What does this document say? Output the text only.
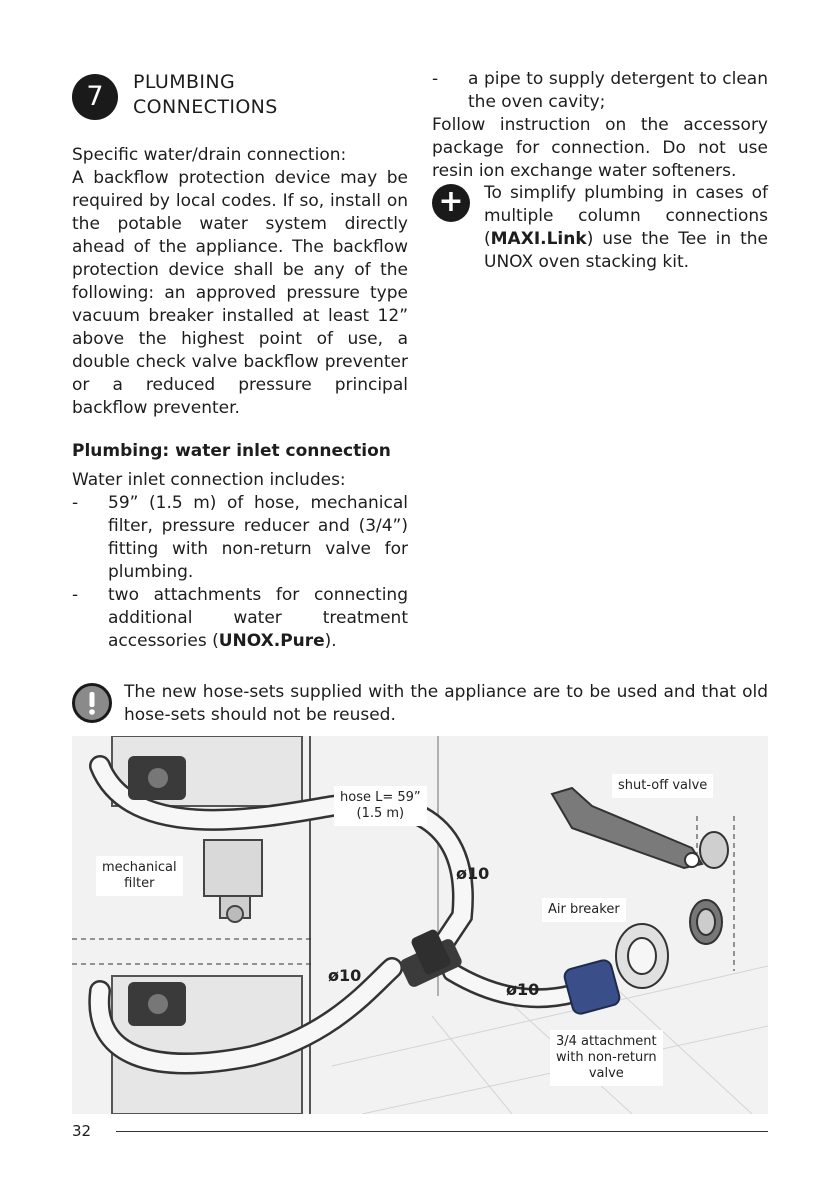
7	PLUMBING
CONNECTIONS
Specific water/drain connection:
A backflow protection device may be required by local codes. If so, install on the potable water system directly ahead of the appliance. The backflow protection device shall be any of the following: an approved pressure type vacuum breaker installed at least 12” above the highest point of use, a double check valve backflow preventer or a reduced pressure principal backflow preventer.
Plumbing: water inlet connection
Water inlet connection includes:
- 59” (1.5 m) of hose, mechanical filter, pressure reducer and (3/4”) fitting with non-return valve for plumbing.
- two attachments for connecting additional water treatment accessories (UNOX.Pure).
- a pipe to supply detergent to clean the oven cavity;
Follow instruction on the accessory package for connection. Do not use resin ion exchange water softeners.
+	To simplify plumbing in cases of multiple column connections (MAXI.Link) use the Tee in the UNOX oven stacking kit.
The new hose-sets supplied with the appliance are to be used and that old hose-sets should not be reused.
hose L= 59”
(1.5 m)
mechanical
filter
shut-off valve
Air breaker
3/4 attachment
with non-return
valve
ø10
ø10
ø10
32
